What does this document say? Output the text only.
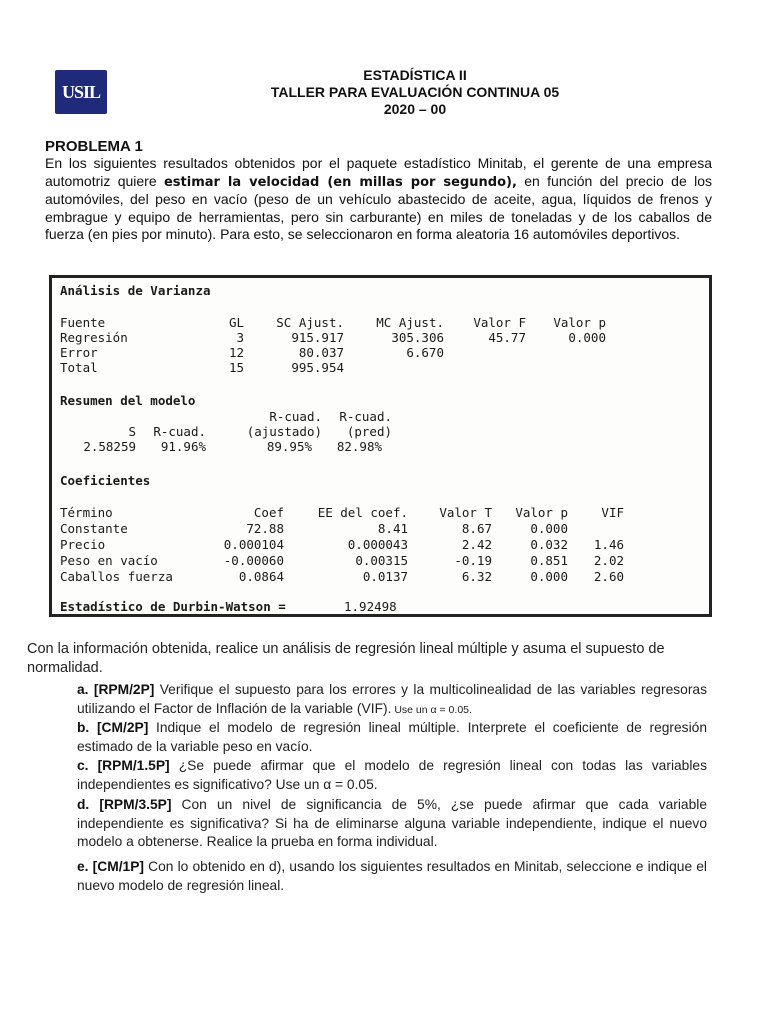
USIL
ESTADÍSTICA II
TALLER PARA EVALUACIÓN CONTINUA 05
2020 – 00
PROBLEMA 1
En los siguientes resultados obtenidos por el paquete estadístico Minitab, el gerente de una empresa automotriz quiere estimar la velocidad (en millas por segundo), en función del precio de los automóviles, del peso en vacío (peso de un vehículo abastecido de aceite, agua, líquidos de frenos y embrague y equipo de herramientas, pero sin carburante) en miles de toneladas y de los caballos de fuerza (en pies por minuto). Para esto, se seleccionaron en forma aleatoria 16 automóviles deportivos.
Análisis de Varianza
Fuente	GL	SC Ajust.	MC Ajust.	Valor F	Valor p
Regresión	3	915.917	305.306	45.77	0.000
Error	12	80.037	6.670
Total	15	995.954
Resumen del modelo
R-cuad.	R-cuad.
S	R-cuad.	(ajustado)	(pred)
2.58259	91.96%	89.95%	82.98%
Coeficientes
Término	Coef	EE del coef.	Valor T	Valor p	VIF
Constante	72.88	8.41	8.67	0.000
Precio	0.000104	0.000043	2.42	0.032	1.46
Peso en vacío	-0.00060	0.00315	-0.19	0.851	2.02
Caballos fuerza	0.0864	0.0137	6.32	0.000	2.60
Estadístico de Durbin-Watson =	1.92498
Con la información obtenida, realice un análisis de regresión lineal múltiple y asuma el supuesto de normalidad.
a. [RPM/2P] Verifique el supuesto para los errores y la multicolinealidad de las variables regresoras utilizando el Factor de Inflación de la variable (VIF). Use un α = 0.05.
b. [CM/2P] Indique el modelo de regresión lineal múltiple. Interprete el coeficiente de regresión estimado de la variable peso en vacío.
c. [RPM/1.5P] ¿Se puede afirmar que el modelo de regresión lineal con todas las variables independientes es significativo? Use un α = 0.05.
d. [RPM/3.5P] Con un nivel de significancia de 5%, ¿se puede afirmar que cada variable independiente es significativa? Si ha de eliminarse alguna variable independiente, indique el nuevo modelo a obtenerse. Realice la prueba en forma individual.
e. [CM/1P] Con lo obtenido en d), usando los siguientes resultados en Minitab, seleccione e indique el nuevo modelo de regresión lineal.
